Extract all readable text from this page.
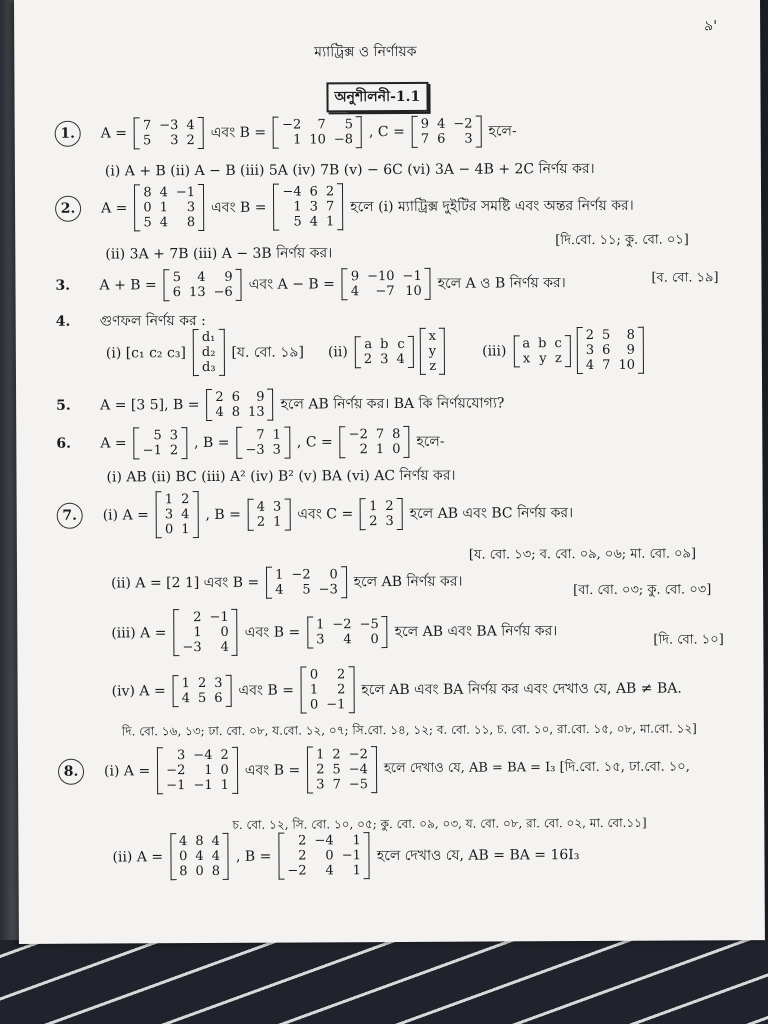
৯'
ম্যাট্রিক্স ও নির্ণায়ক
অনুশীলনী-1.1
1.	A = 7 −3 4
5	3 2 এবং B = −2	7	5
1 10 −8 , C = 9 4 −2
7 6	3 হলে-
(i) A + B (ii) A − B (iii) 5A (iv) 7B (v) − 6C (vi) 3A − 4B + 2C নির্ণয় কর।
2.	A =
8 4 −1
0 1	3
5 4	8
এবং B =
−4 6 2
1 3 7
5 4 1
হলে (i) ম্যাট্রিক্স দুইটির সমষ্টি এবং অন্তর নির্ণয় কর।
(ii) 3A + 7B (iii) A − 3B নির্ণয় কর।
[দি.বো. ১১; কু. বো. ০১]
3.	A + B = 5	4	9
6 13 −6 এবং A − B = 9 −10 −1
4	−7 10 হলে A ও B নির্ণয় কর।	[ব. বো. ১৯]
4.	গুণফল নির্ণয় কর :
(i) [c₁ c₂ c₃]
d₁
d₂
d₃
[য. বো. ১৯] (ii) a b c
2 3 4
x
y
z
(iii) a b c
x y z
2 5	8
3 6	9
4 7 10
5.	A = [3 5], B = 2 6	9
4 8 13 হলে AB নির্ণয় কর। BA কি নির্ণয়যোগ্য?
6.	A =	5 3
−1 2 , B =	7 1
−3 3 , C = −2 7 8
2 1 0 হলে-
(i) AB (ii) BC (iii) A² (iv) B² (v) BA (vi) AC নির্ণয় কর।
7.	(i) A =
1 2
3 4
0 1
, B = 4 3
2 1 এবং C = 1 2
2 3 হলে AB এবং BC নির্ণয় কর।
[য. বো. ১৩; ব. বো. ০৯, ০৬; মা. বো. ০৯]
(ii) A = [2 1] এবং B = 1 −2	0
4	5 −3 হলে AB নির্ণয় কর।	[বা. বো. ০৩; কু. বো. ০৩]
(iii) A =
2 −1
1	0
−3	4
এবং B = 1 −2 −5
3	4	0 হলে AB এবং BA নির্ণয় কর।
[দি. বো. ১০]
(iv) A = 1 2 3
4 5 6 এবং B =
0	2
1	2
0 −1
হলে AB এবং BA নির্ণয় কর এবং দেখাও যে, AB ≠ BA.
দি. বো. ১৬, ১৩; ঢা. বো. ০৮, য.বো. ১২, ০৭; সি.বো. ১৪, ১২; ব. বো. ১১, চ. বো. ১০, রা.বো. ১৫, ০৮, মা.বো. ১২]
8.	(i) A =
3 −4 2
−2	1 0
−1 −1 1
এবং B =
1 2 −2
2 5 −4
3 7 −5
হলে দেখাও যে, AB = BA = I₃ [দি.বো. ১৫, ঢা.বো. ১০,
চ. বো. ১২, সি. বো. ১০, ০৫; কু. বো. ০৯, ০৩, য. বো. ০৮, রা. বো. ০২, মা. বো.১১]
(ii) A =
4 8 4
0 4 4
8 0 8
, B =
2 −4	1
2	0 −1
−2	4	1
হলে দেখাও যে, AB = BA = 16I₃
